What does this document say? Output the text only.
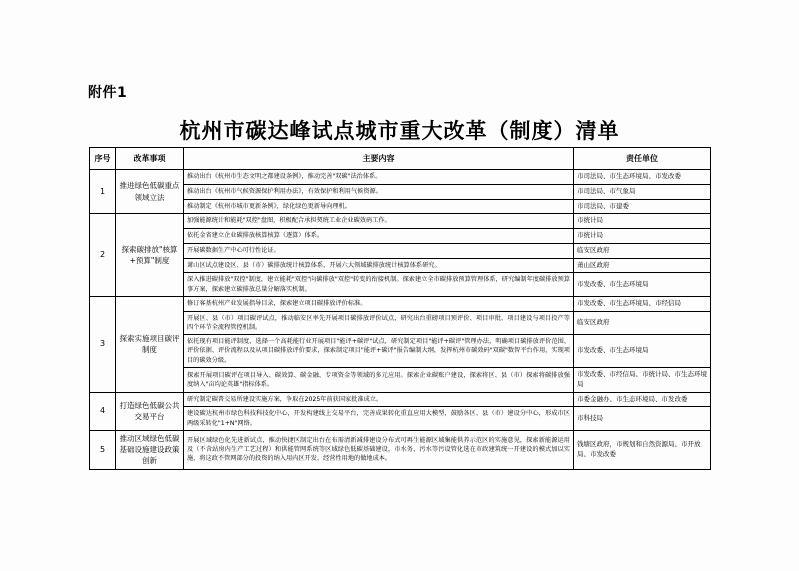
附件1
杭州市碳达峰试点城市重大改革（制度）清单
序号	改革事项	主要内容	责任单位
1	推进绿色低碳重点领域立法	推动出台《杭州市生态文明之都建设条例》，推动完善"双碳"法治体系。	市司法局、市生态环境局、市发改委
		推动出台《杭州市气候资源保护利用办法》，有效保护和利用气候资源。	市司法局、市气象局
		推动制定《杭州市城市更新条例》，绿化绿色更新导向理机。	市司法局、市建委
2	探索碳排放"核算+预算"制度	加强能源统计和能耗"双控"盘图，积极配合承担契统工业企业碳效码工作。	市统计局
		依托金省建立企业碳排放核算核算（逐算）体系。	市统计局
		开展碳数据生产中心可行性论证。	临安区政府
		萧山区试点建设区、县（市）碳排放统计核算体系，开展六大领域碳排放统计核算体系研究。	萧山区政府
		深入推进碳排放"双控"制度，建立能耗"双控"向碳排放"双控"转变的衔接机制。探索建立全市碳排放预算管理体系，研究编制年度碳排放预算事方案，探索建立碳排放总量分解落实机制。	市发改委、市生态环境局
3	探索实施项目碳评制度	修订客基杭州产业发展指导目录，探索建立项目碳排放评价标准。	市发改委、市生态环境局、市经信局
		开展区、县（市）项目碳评试点，推动临安区率先开展项目碳排放评价试点，研究出台重磅项目预评价、项目审批、项目建设与项目投产等四个环节全流程管控机制。	临安区政府
		依托现有项目能评制度，选择一个高耗能行业开展项目"能评+碳评"试点，研究制定项目"能评+碳评"管理办法，明确项目碳排放评价范围、评价依据、评价流程以及从项目碳排放评价要求，探索制定项目"能评+碳评"报告编制大纲，发挥杭州市碳效码"双碳"数智平台作用，实现项目的碳效分级。	市发改委、市生态环境局
		探索开展项目碳评在项目导入、碳效算、碳金融、专项资金等领域的多元应用。探索企业碳账户建设，探索将区、县（市）探索将碳排放强度纳入"亩均论英雄"指标体系。	市发改委、市经信局、市统计局、市生态环境局
4	打造绿色低碳公共交易平台	研究制定碳普交易所建设实施方案，争取在2025年前获国家批准成立。	市委金融办、市生态环境局、市发改委
		建设碳达杭州市绿色科技科技化中心，开发构建线上交易平台，完善成果转化重直应用大模型，鼓励各区、县（市）建设分中心，形成市区两级采转化"1+N"网络。	市科技局
5	推动区域绿色低碳基础设施建设政策创新	开展区域绿色化先进新试点，推动快捷区制定出台在布需清新减排建设分布式可再生能源区域集能供养示范区的实施意见，探索新能源运用及（不含站房内生产工艺过程）和供能管网系统等区域绿色低碳基础建设，市水务、污水等污设管化选在市政建筑统一开建设的模式加以实施，将这政不管网部分的投资的纳入用内区开发、经营性用地的做地成本。	钱塘区政府，市规划和自然资源局、市开放局、市发改委
